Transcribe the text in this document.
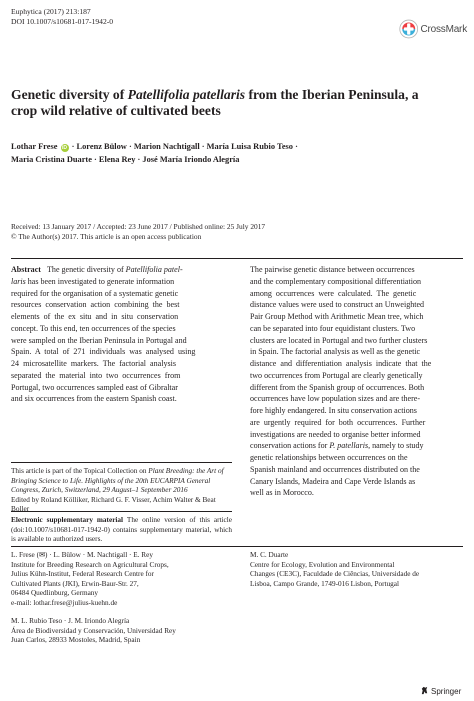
Euphytica (2017) 213:187
DOI 10.1007/s10681-017-1942-0
CrossMark
Genetic diversity of Patellifolia patellaris from the Iberian Peninsula, a crop wild relative of cultivated beets
Lothar Frese iD · Lorenz Bülow · Marion Nachtigall · María Luisa Rubio Teso ·
Maria Cristina Duarte · Elena Rey · José María Iriondo Alegría
Received: 13 January 2017 / Accepted: 23 June 2017 / Published online: 25 July 2017
© The Author(s) 2017. This article is an open access publication
Abstract The genetic diversity of Patellifolia patel-
laris has been investigated to generate information
required for the organisation of a systematic genetic
resources  conservation  action  combining  the  best
elements  of  the  ex  situ  and  in  situ  conservation
concept. To this end, ten occurrences of the species
were sampled on the Iberian Peninsula in Portugal and
Spain.  A  total  of  271  individuals  was  analysed  using
24  microsatellite  markers.  The  factorial  analysis
separated  the  material  into  two  occurrences  from
Portugal, two occurrences sampled east of Gibraltar
and six occurrences from the eastern Spanish coast.
The pairwise genetic distance between occurrences
and the complementary compositional differentiation
among  occurrences  were  calculated.  The  genetic
distance values were used to construct an Unweighted
Pair Group Method with Arithmetic Mean tree, which
can be separated into four equidistant clusters. Two
clusters are located in Portugal and two further clusters
in Spain. The factorial analysis as well as the genetic
distance  and  differentiation  analysis  indicate  that  the
two occurrences from Portugal are clearly genetically
different from the Spanish group of occurrences. Both
occurrences have low population sizes and are there-
fore highly endangered. In situ conservation actions
are  urgently  required  for  both  occurrences.  Further
investigations are needed to organise better informed
conservation actions for P. patellaris, namely to study
genetic relationships between occurrences on the
Spanish mainland and occurrences distributed on the
Canary Islands, Madeira and Cape Verde Islands as
well as in Morocco.
This article is part of the Topical Collection on Plant Breeding: the Art of Bringing Science to Life. Highlights of the 20th EUCARPIA General Congress, Zurich, Switzerland, 29 August–1 September 2016
Edited by Roland Kölliker, Richard G. F. Visser, Achim Walter & Beat Boller
Electronic supplementary material The online version of this article (doi:10.1007/s10681-017-1942-0) contains supplementary material, which is available to authorized users.
L. Frese (✉) · L. Bülow · M. Nachtigall · E. Rey
Institute for Breeding Research on Agricultural Crops,
Julius Kühn-Institut, Federal Research Centre for
Cultivated Plants (JKI), Erwin-Baur-Str. 27,
06484 Quedlinburg, Germany
e-mail: lothar.frese@julius-kuehn.de
M. L. Rubio Teso · J. M. Iriondo Alegría
Área de Biodiversidad y Conservación, Universidad Rey
Juan Carlos, 28933 Mostoles, Madrid, Spain
M. C. Duarte
Centre for Ecology, Evolution and Environmental
Changes (CE3C), Faculdade de Ciências, Universidade de
Lisboa, Campo Grande, 1749-016 Lisbon, Portugal
Springer
